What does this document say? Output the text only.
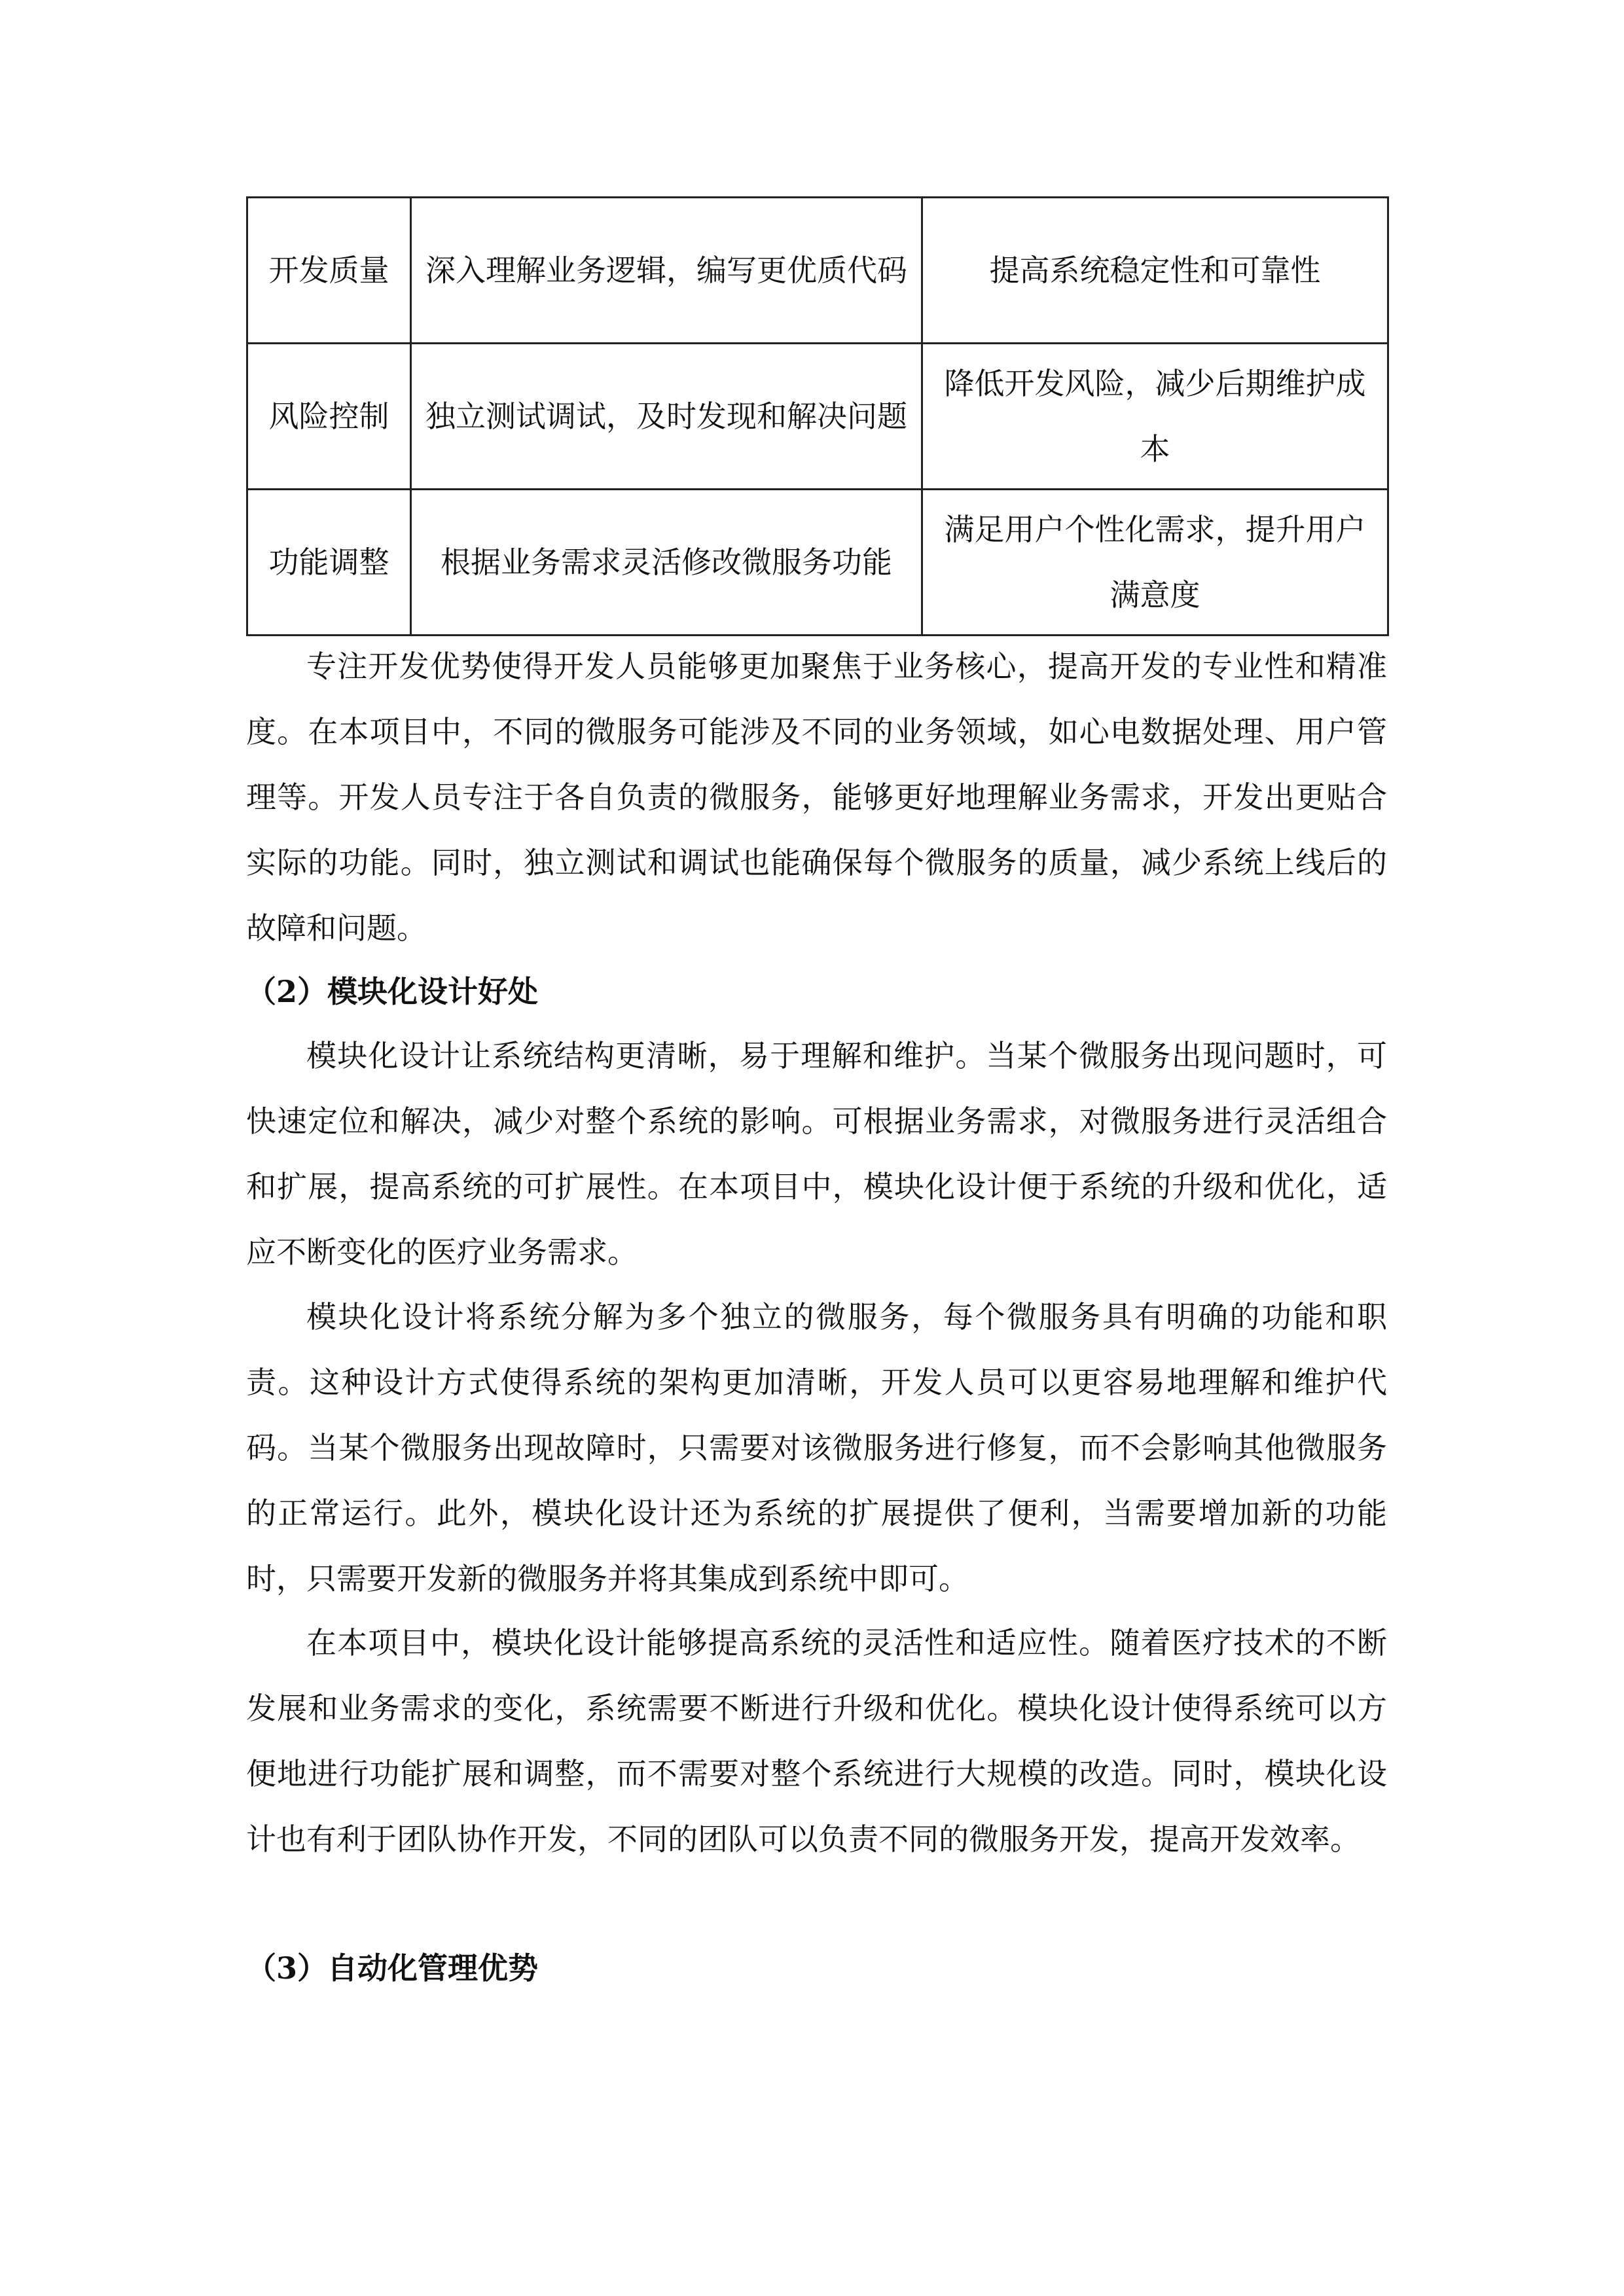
开发质量	深入理解业务逻辑，编写更优质代码	提高系统稳定性和可靠性
风险控制	独立测试调试，及时发现和解决问题	降低开发风险，减少后期维护成本
功能调整	根据业务需求灵活修改微服务功能	满足用户个性化需求，提升用户满意度

专注开发优势使得开发人员能够更加聚焦于业务核心，提高开发的专业性和精准度。在本项目中，不同的微服务可能涉及不同的业务领域，如心电数据处理、用户管理等。开发人员专注于各自负责的微服务，能够更好地理解业务需求，开发出更贴合实际的功能。同时，独立测试和调试也能确保每个微服务的质量，减少系统上线后的故障和问题。

（2）模块化设计好处

模块化设计让系统结构更清晰，易于理解和维护。当某个微服务出现问题时，可快速定位和解决，减少对整个系统的影响。可根据业务需求，对微服务进行灵活组合和扩展，提高系统的可扩展性。在本项目中，模块化设计便于系统的升级和优化，适应不断变化的医疗业务需求。

模块化设计将系统分解为多个独立的微服务，每个微服务具有明确的功能和职责。这种设计方式使得系统的架构更加清晰，开发人员可以更容易地理解和维护代码。当某个微服务出现故障时，只需要对该微服务进行修复，而不会影响其他微服务的正常运行。此外，模块化设计还为系统的扩展提供了便利，当需要增加新的功能时，只需要开发新的微服务并将其集成到系统中即可。

在本项目中，模块化设计能够提高系统的灵活性和适应性。随着医疗技术的不断发展和业务需求的变化，系统需要不断进行升级和优化。模块化设计使得系统可以方便地进行功能扩展和调整，而不需要对整个系统进行大规模的改造。同时，模块化设计也有利于团队协作开发，不同的团队可以负责不同的微服务开发，提高开发效率。

（3）自动化管理优势
